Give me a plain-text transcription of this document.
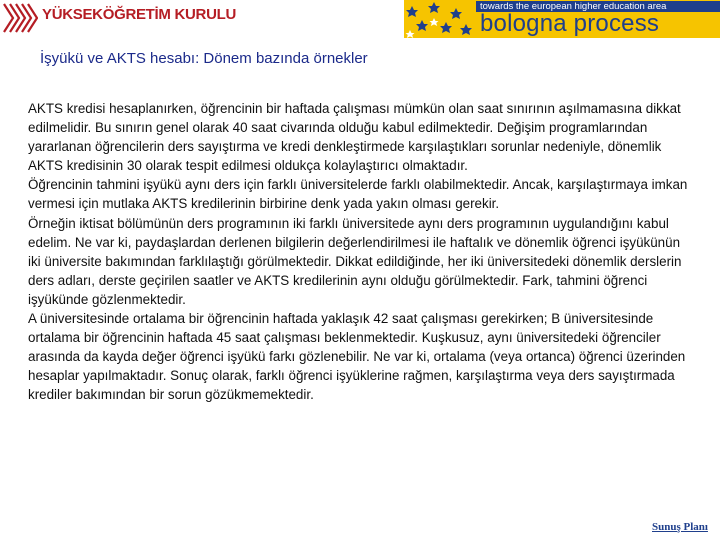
YÜKSEKÖĞRETİM KURULU	towards the european higher education area
bologna process
İşyükü ve AKTS hesabı: Dönem bazında örnekler

AKTS kredisi hesaplanırken, öğrencinin bir haftada çalışması mümkün olan saat sınırının aşılmamasına dikkat edilmelidir. Bu sınırın genel olarak 40 saat civarında olduğu kabul edilmektedir. Değişim programlarından yararlanan öğrencilerin ders sayıştırma ve kredi denkleştirmede karşılaştıkları sorunlar nedeniyle, dönemlik AKTS kredisinin 30 olarak tespit edilmesi oldukça kolaylaştırıcı olmaktadır.

Öğrencinin tahmini işyükü aynı ders için farklı üniversitelerde farklı olabilmektedir. Ancak, karşılaştırmaya imkan vermesi için mutlaka AKTS kredilerinin birbirine denk yada yakın olması gerekir.

Örneğin iktisat bölümünün ders programının iki farklı üniversitede aynı ders programının uygulandığını kabul edelim. Ne var ki, paydaşlardan derlenen bilgilerin değerlendirilmesi ile haftalık ve dönemlik öğrenci işyükünün iki üniversite bakımından farklılaştığı görülmektedir. Dikkat edildiğinde, her iki üniversitedeki dönemlik derslerin ders adları, derste geçirilen saatler ve AKTS kredilerinin aynı olduğu görülmektedir. Fark, tahmini öğrenci işyükünde gözlenmektedir.

A üniversitesinde ortalama bir öğrencinin haftada yaklaşık 42 saat çalışması gerekirken; B üniversitesinde ortalama bir öğrencinin haftada 45 saat çalışması beklenmektedir. Kuşkusuz, aynı üniversitedeki öğrenciler arasında da kayda değer öğrenci işyükü farkı gözlenebilir. Ne var ki, ortalama (veya ortanca) öğrenci üzerinden hesaplar yapılmaktadır. Sonuç olarak, farklı öğrenci işyüklerine rağmen, karşılaştırma veya ders sayıştırmada krediler bakımından bir sorun gözükmemektedir.

Sunuş Planı
